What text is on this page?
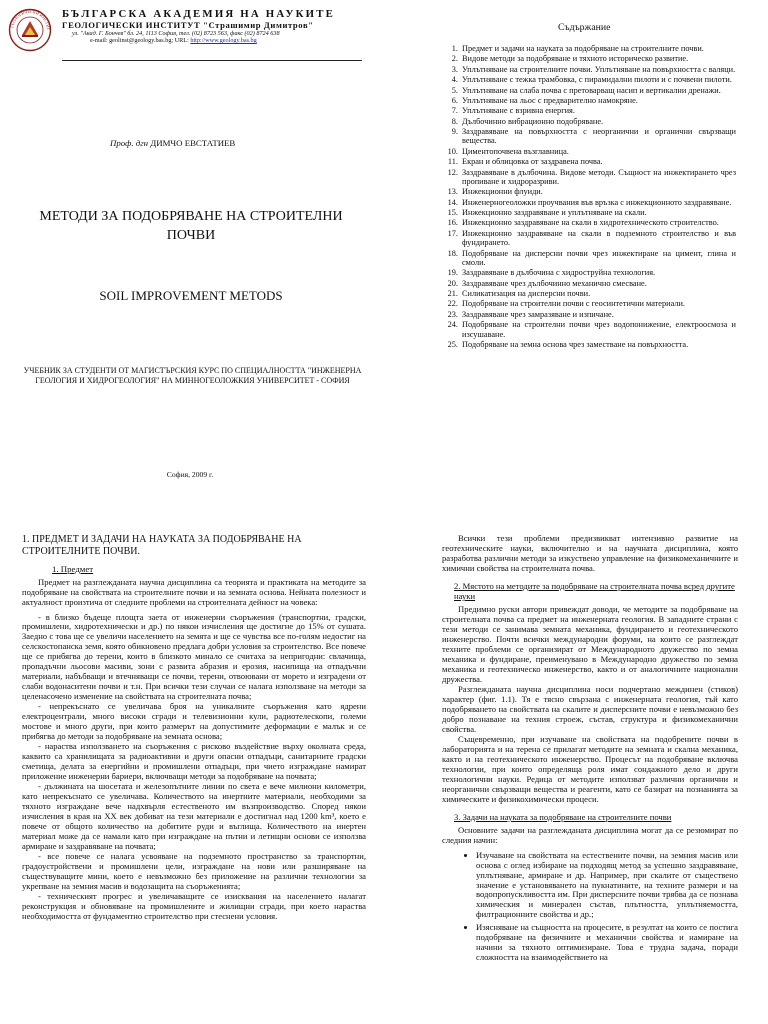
ГЕОЛОГИЧЕСКИ ИНСТИТ
БЪЛГАРСКА АКАДЕМИЯ НА НАУКИТЕ
ГЕОЛОГИЧЕСКИ ИНСТИТУТ "Страшимир Димитров"
ул. "Акад. Г. Бончев" бл. 24, 1113 София, тел. (02) 8723 563, факс (02) 8724 638
e-mail: geolinst@geology.bas.bg; URL: http://www.geology.bas.bg
Проф. дгн ДИМЧО ЕВСТАТИЕВ
МЕТОДИ ЗА ПОДОБРЯВАНЕ НА СТРОИТЕЛНИ ПОЧВИ
SOIL IMPROVEMENT METODS
УЧЕБНИК ЗА СТУДЕНТИ ОТ МАГИСТЪРСКИЯ КУРС ПО СПЕЦИАЛНОСТТА "ИНЖЕНЕРНА ГЕОЛОГИЯ И ХИДРОГЕОЛОГИЯ" НА МИННОГЕОЛОЖКИЯ УНИВЕРСИТЕТ - СОФИЯ
София, 2009 г.
Съдържание
1. Предмет и задачи на науката за подобряване на строителните почви.
2. Видове методи за подобряване и тяхното историческо развитие.
3. Уплътняване на строителните почви. Уплътняване на повърхността с валяци.
4. Уплътняване с тежка трамбовка, с пирамидални пилоти и с почвени пилоти.
5. Уплътняване на слаба почва с претоварващ насип и вертикални дренажи.
6. Уплътняване на льос с предварително намокряне.
7. Уплътняване с взривна енергия.
8. Дълбочинно вибрационно подобряване.
9. Заздравяване на повърхността с неорганични и органични свързващи вещества.
10. Циментопочвена възглавница.
11. Екран и облицовка от заздравена почва.
12. Заздравяване в дълбочина. Видове методи. Същност на инжектирането чрез пропиване и хидроразриви.
13. Инжекционни флуиди.
14. Инженерногеоложки проучвания във връзка с инжекционното заздравяване.
15. Инжекционно заздравяване и уплътняване на скали.
16. Инжекционно заздравяване на скали в хидротехническото строителство.
17. Инжекционно заздравяване на скали в подземното строителство и във фундирането.
18. Подобряване на дисперсни почви чрез инжектиране на цимент, глина и смоли.
19. Заздравяване в дълбочина с хидроструйна технология.
20. Заздравяване чрез дълбочинно механично смесване.
21. Силикатизация на дисперсни почви.
22. Подобряване на строителни почви с геосинтетични материали.
23. Заздравяване чрез замразяване и изпичане.
24. Подобряване на строителни почви чрез водопонижение, електроосмоза и изсушаване.
25. Подобряване на земна основа чрез заместване на повърхността.

1. ПРЕДМЕТ И ЗАДАЧИ НА НАУКАТА ЗА ПОДОБРЯВАНЕ НА СТРОИТЕЛНИТЕ ПОЧВИ.

1. Предмет

Предмет на разглежданата научна дисциплина са теорията и практиката на методите за подобряване на свойствата на строителните почви и на земната основа. Нейната полезност и актуалност произтича от следните проблеми на строителната дейност на човека:

- в близко бъдеще площта заета от инженерни съоръжения (транспортни, градски, промишлени, хидротехнически и др.) по някои изчисления ще достигне до 15% от сушата. Заедно с това ще се увеличи населението на земята и ще се чувства все по-голям недостиг на селскостопанска земя, която обикновено предлага добри условия за строителство. Все повече ще се прибягва до терени, които в близкото минало се считаха за непригодни: свлачища, пропадъчни льосови масиви, зони с развита абразия и ерозия, насипища на отпадъчни материали, набъбващи и втечняващи се почви, терени, отвоювани от морето и изградени от слаби водонаситени почви и т.н. При всички тези случаи се налага използване на методи за целенасочено изменение на свойствата на строителната почва;

- непрекъснато се увеличава броя на уникалните съоръжения като ядрени електроцентрали, много високи сгради и телевизионни кули, радиотелескопи, големи мостове и много други, при които размерът на допустимите деформации е малък и се прибягва до методи за подобряване на земната основа;

- нараства използването на съоръжения с рисково въздействие върху околната среда, каквито са хранилищата за радиоактивни и други опасни отпадъци, санитарните градски сметища, делата за енергийни и промишлени отпадъци, при чието изграждане намират приложение инженерни бариери, включващи методи за подобряване на почвата;

- дължината на шосетата и железопътните линии по света е вече милиони километри, като непрекъснато се увеличава. Количеството на инертните материали, необходими за тяхното изграждане вече надхвърля естественото им възпроизводство. Според някои изчисления в края на XX век добиват на тези материали е достигнал над 1200 km³, което е повече от общото количество на добитите руди и въглища. Количеството на инертен материал може да се намали като при изграждане на пътни и летищни основи се използва армиране и заздравяване на почвата;

- все повече се налага усвояване на подземното пространство за транспортни, градоустройствени и промишлени цели, изграждане на нови или разширяване на съществуващите мини, което е невъзможно без приложение на различни технологии за укрепване на земния масив и водозащита на съоръженията;

- техническият прогрес и увеличаващите се изисквания на населението налагат реконструкция и обновяване на промишлените и жилищни сгради, при което нараства необходимостта от фундаментно строителство при стеснени условия.

Всички тези проблеми предизвикват интензивно развитие на геотехническите науки, включително и на научната дисциплина, която разработва различни методи за изкуствено управление на физикомеханичните и химични свойства на строителната почва.

2. Мястото на методите за подобряване на строителната почва всред другите науки

Предимно руски автори привеждат доводи, че методите за подобряване на строителната почва са предмет на инженерната геология. В западните страни с тези методи се занимава земната механика, фундирането и геотехническото инженерство. Почти всички международни форуми, на които се разглеждат техните проблеми се организират от Международното дружество по земна механика и фундиране, преименувано в Международно дружество по земна механика и геотехническо инженерство, както и от аналогичните национални дружества.

Разглежданата научна дисциплина носи подчертано междинен (стиков) характер (фиг. 1.1). Тя е тясно свързана с инженерната геология, тъй като подобряването на свойствата на скалите и дисперсните почви е невъзможно без добро познаване на техния строеж, състав, структура и физикомеханични свойства.

Същевременно, при изучаване на свойствата на подобрените почви в лабораторията и на терена се прилагат методите на земната и скална механика, както и на геотехническото инженерство. Процесът на подобряване включва технологии, при които определяща роля имат сондажното дело и други технологични науки. Редица от методите използват различни органични и неорганични свързващи вещества и реагенти, като се базират на познанията за химическите и физикохимически процеси.

3. Задачи на науката за подобряване на строителните почви

Основните задачи на разглежданата дисциплина могат да се резюмират по следния начин:

• Изучаване на свойствата на естествените почви, на земния масив или основа с оглед избиране на подходящ метод за успешно заздравяване, уплътняване, армиране и др. Например, при скалите от съществено значение е установяването на пукнатините, на техните размери и на водопропускливостта им. При дисперсните почви трябва да се познава химическия и минерален състав, плътността, уплътняемостта, филтрационните свойства и др.;
• Изясняване на същността на процесите, в резултат на които се постига подобряване на физичните и механични свойства и намиране на начини за тяхното оптимизиране. Това е трудна задача, поради сложността на взаимодействието на
